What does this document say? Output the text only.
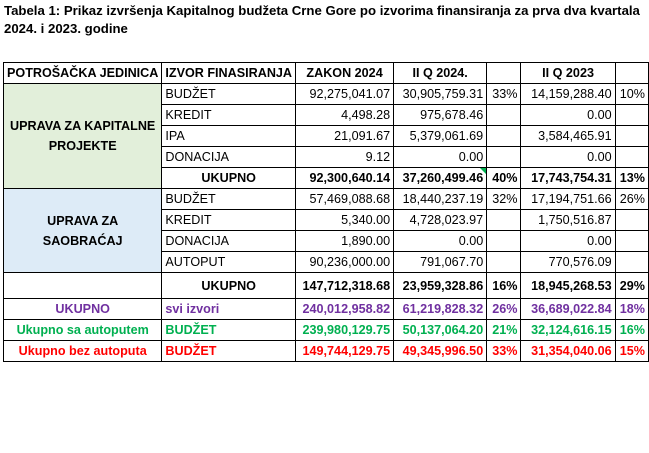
Tabela 1: Prikaz izvršenja Kapitalnog budžeta Crne Gore po izvorima finansiranja za prva dva kvartala 2024. i 2023. godine
POTROŠAČKA JEDINICA	IZVOR FINASIRANJA	ZAKON 2024	II Q 2024.		II Q 2023	
UPRAVA ZA KAPITALNE PROJEKTE	BUDŽET	92,275,041.07	30,905,759.31	33%	14,159,288.40	10%
	KREDIT	4,498.28	975,678.46		0.00	
	IPA	21,091.67	5,379,061.69		3,584,465.91	
	DONACIJA	9.12	0.00		0.00	
	UKUPNO	92,300,640.14	37,260,499.46	40%	17,743,754.31	13%
UPRAVA ZA SAOBRAĆAJ	BUDŽET	57,469,088.68	18,440,237.19	32%	17,194,751.66	26%
	KREDIT	5,340.00	4,728,023.97		1,750,516.87	
	DONACIJA	1,890.00	0.00		0.00	
	AUTOPUT	90,236,000.00	791,067.70		770,576.09	
	UKUPNO	147,712,318.68	23,959,328.86	16%	18,945,268.53	29%
UKUPNO	svi izvori	240,012,958.82	61,219,828.32	26%	36,689,022.84	18%
Ukupno sa autoputem	BUDŽET	239,980,129.75	50,137,064.20	21%	32,124,616.15	16%
Ukupno bez autoputa	BUDŽET	149,744,129.75	49,345,996.50	33%	31,354,040.06	15%
